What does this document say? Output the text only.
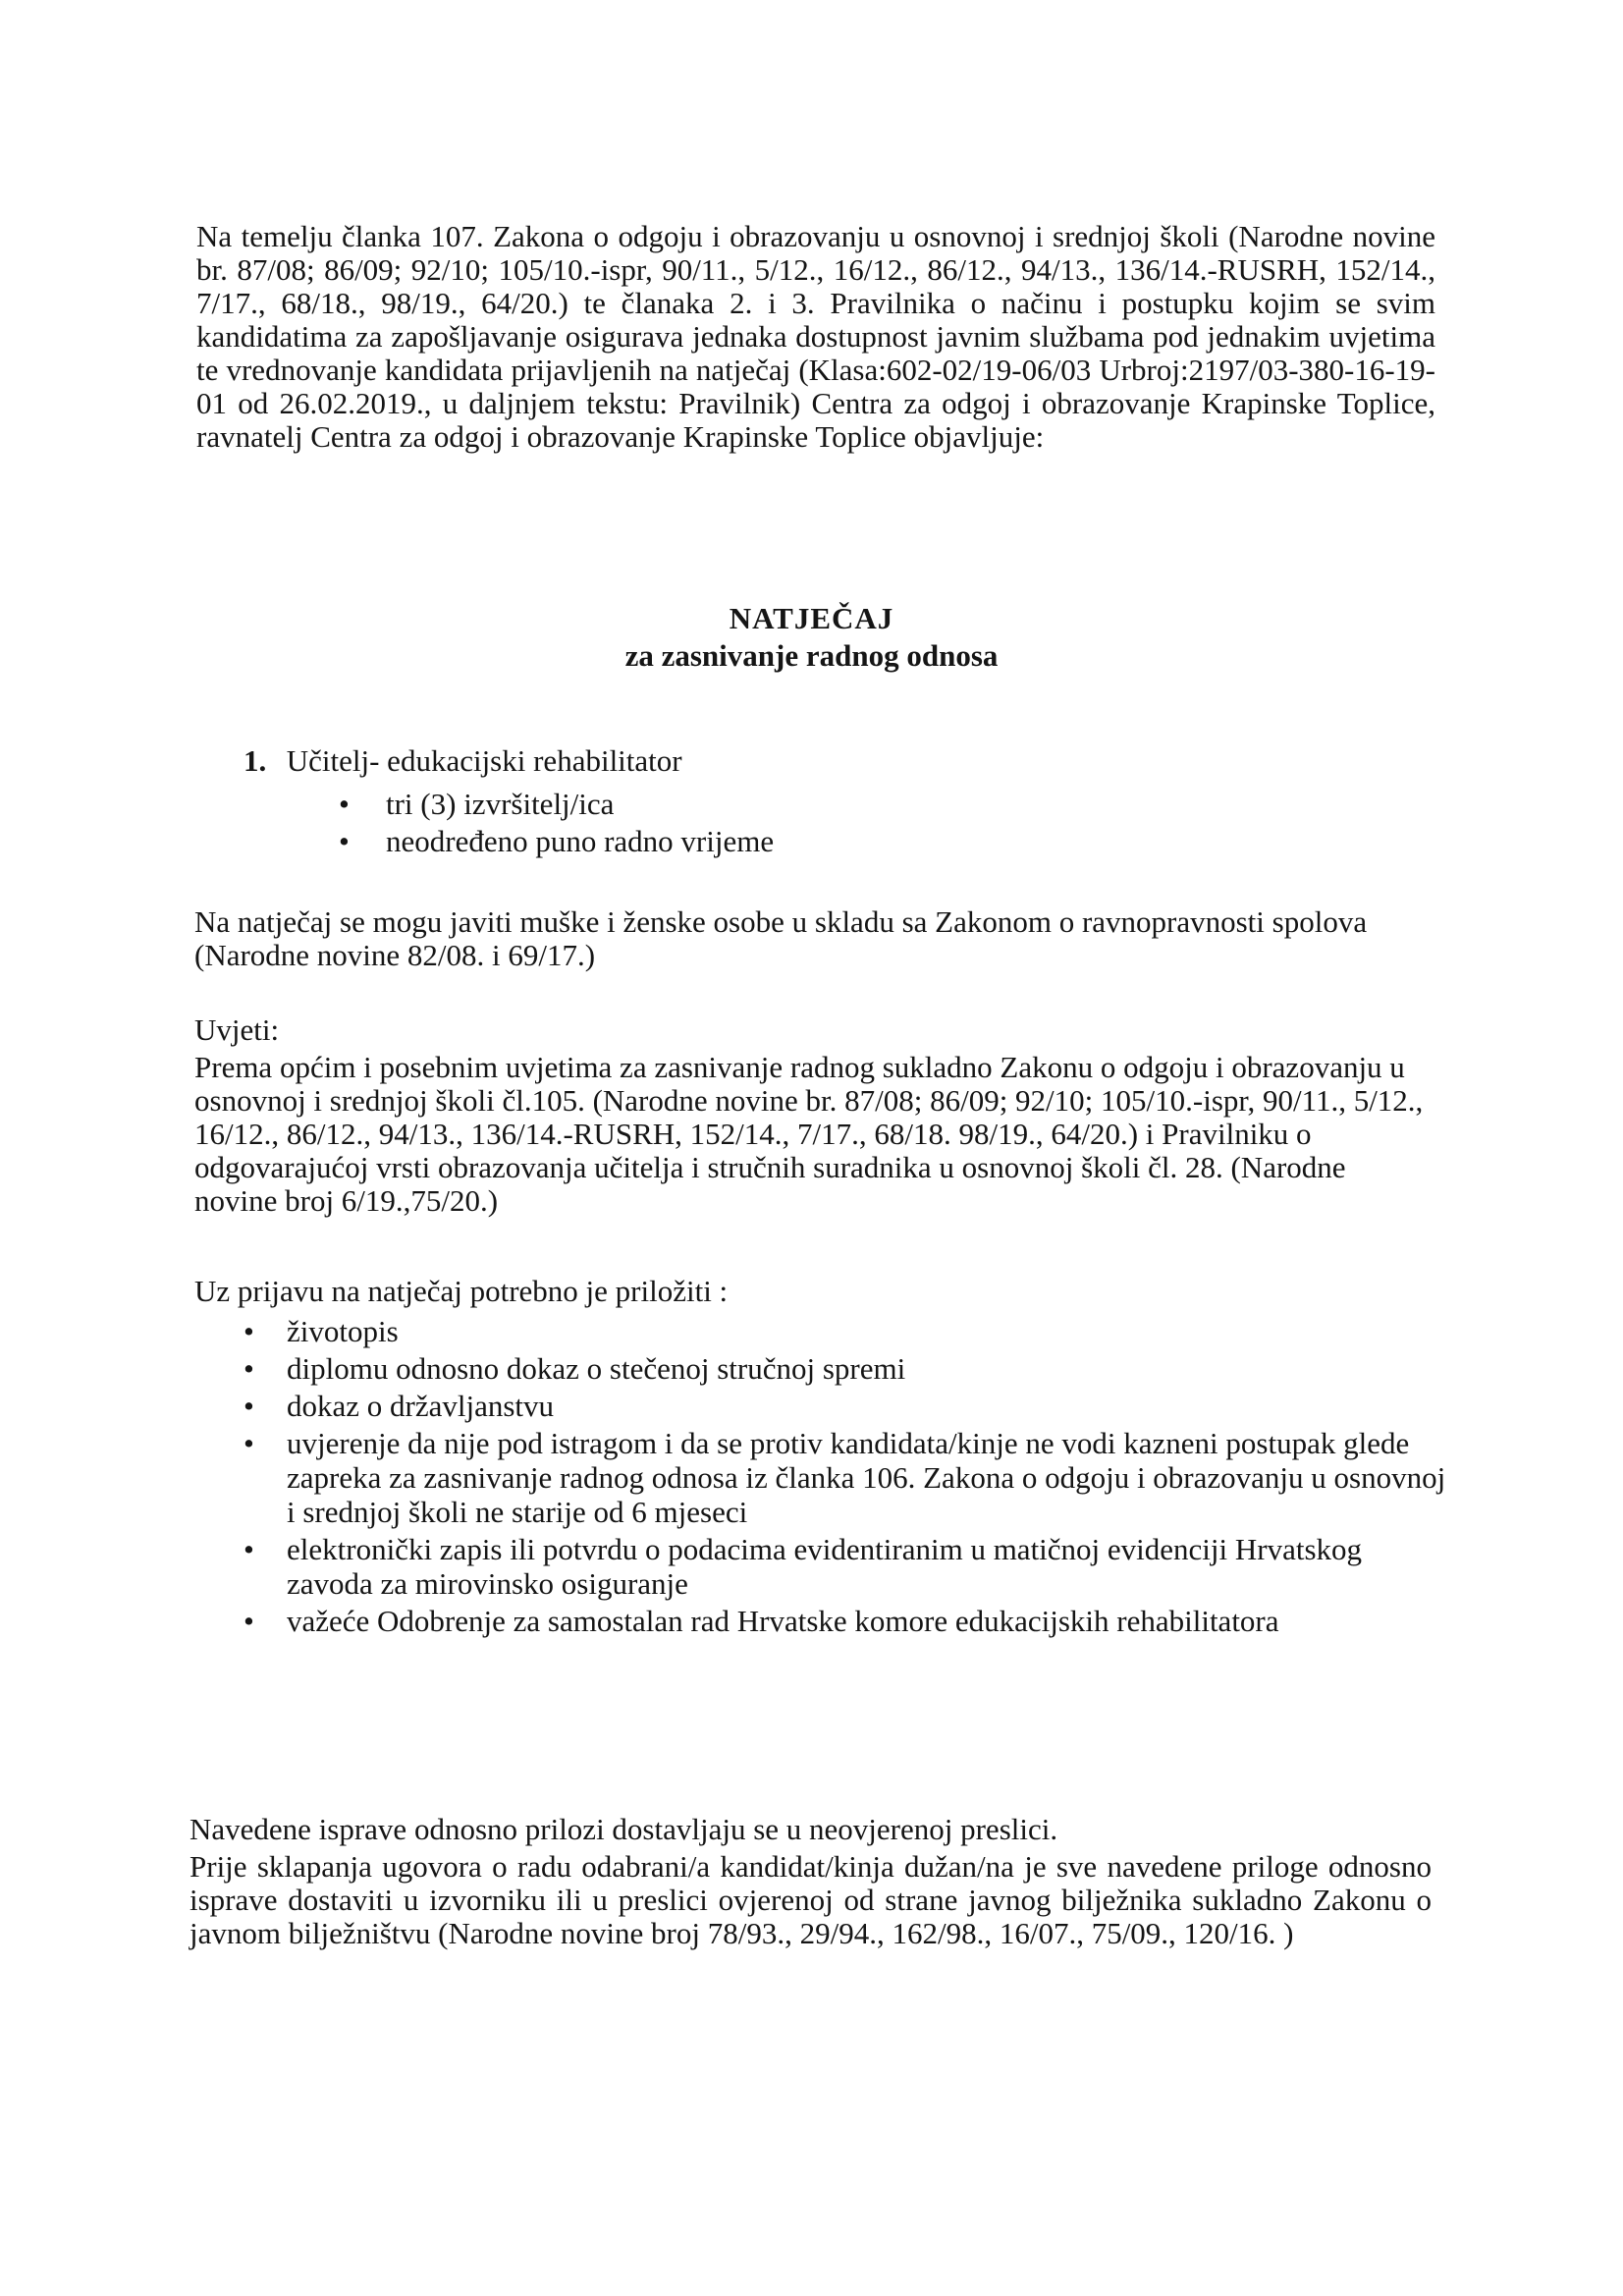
Na temelju članka 107. Zakona o odgoju i obrazovanju u osnovnoj i srednjoj školi (Narodne novine br. 87/08; 86/09; 92/10; 105/10.-ispr, 90/11., 5/12., 16/12., 86/12., 94/13., 136/14.-RUSRH, 152/14., 7/17., 68/18., 98/19., 64/20.) te članaka 2. i 3. Pravilnika o načinu i postupku kojim se svim kandidatima za zapošljavanje osigurava jednaka dostupnost javnim službama pod jednakim uvjetima te vrednovanje kandidata prijavljenih na natječaj (Klasa:602-02/19-06/03 Urbroj:2197/03-380-16-19-01 od 26.02.2019., u daljnjem tekstu: Pravilnik) Centra za odgoj i obrazovanje Krapinske Toplice, ravnatelj Centra za odgoj i obrazovanje Krapinske Toplice objavljuje:

NATJEČAJ
za zasnivanje radnog odnosa
1. Učitelj- edukacijski rehabilitator
• tri (3) izvršitelj/ica
• neodređeno puno radno vrijeme
Na natječaj se mogu javiti muške i ženske osobe u skladu sa Zakonom o ravnopravnosti spolova (Narodne novine 82/08. i 69/17.)
Uvjeti:
Prema općim i posebnim uvjetima za zasnivanje radnog sukladno Zakonu o odgoju i obrazovanju u osnovnoj i srednjoj školi čl.105. (Narodne novine br. 87/08; 86/09; 92/10; 105/10.-ispr, 90/11., 5/12., 16/12., 86/12., 94/13., 136/14.-RUSRH, 152/14., 7/17., 68/18. 98/19., 64/20.) i Pravilniku o odgovarajućoj vrsti obrazovanja učitelja i stručnih suradnika u osnovnoj školi čl. 28. (Narodne novine broj 6/19.,75/20.)
Uz prijavu na natječaj potrebno je priložiti :
• životopis
• diplomu odnosno dokaz o stečenoj stručnoj spremi
• dokaz o državljanstvu
• uvjerenje da nije pod istragom i da se protiv kandidata/kinje ne vodi kazneni postupak glede zapreka za zasnivanje radnog odnosa iz članka 106. Zakona o odgoju i obrazovanju u osnovnoj i srednjoj školi ne starije od 6 mjeseci
• elektronički zapis ili potvrdu o podacima evidentiranim u matičnoj evidenciji Hrvatskog zavoda za mirovinsko osiguranje
• važeće Odobrenje za samostalan rad Hrvatske komore edukacijskih rehabilitatora
Navedene isprave odnosno prilozi dostavljaju se u neovjerenoj preslici.
Prije sklapanja ugovora o radu odabrani/a kandidat/kinja dužan/na je sve navedene priloge odnosno isprave dostaviti u izvorniku ili u preslici ovjerenoj od strane javnog bilježnika sukladno Zakonu o javnom bilježništvu (Narodne novine broj 78/93., 29/94., 162/98., 16/07., 75/09., 120/16. )
